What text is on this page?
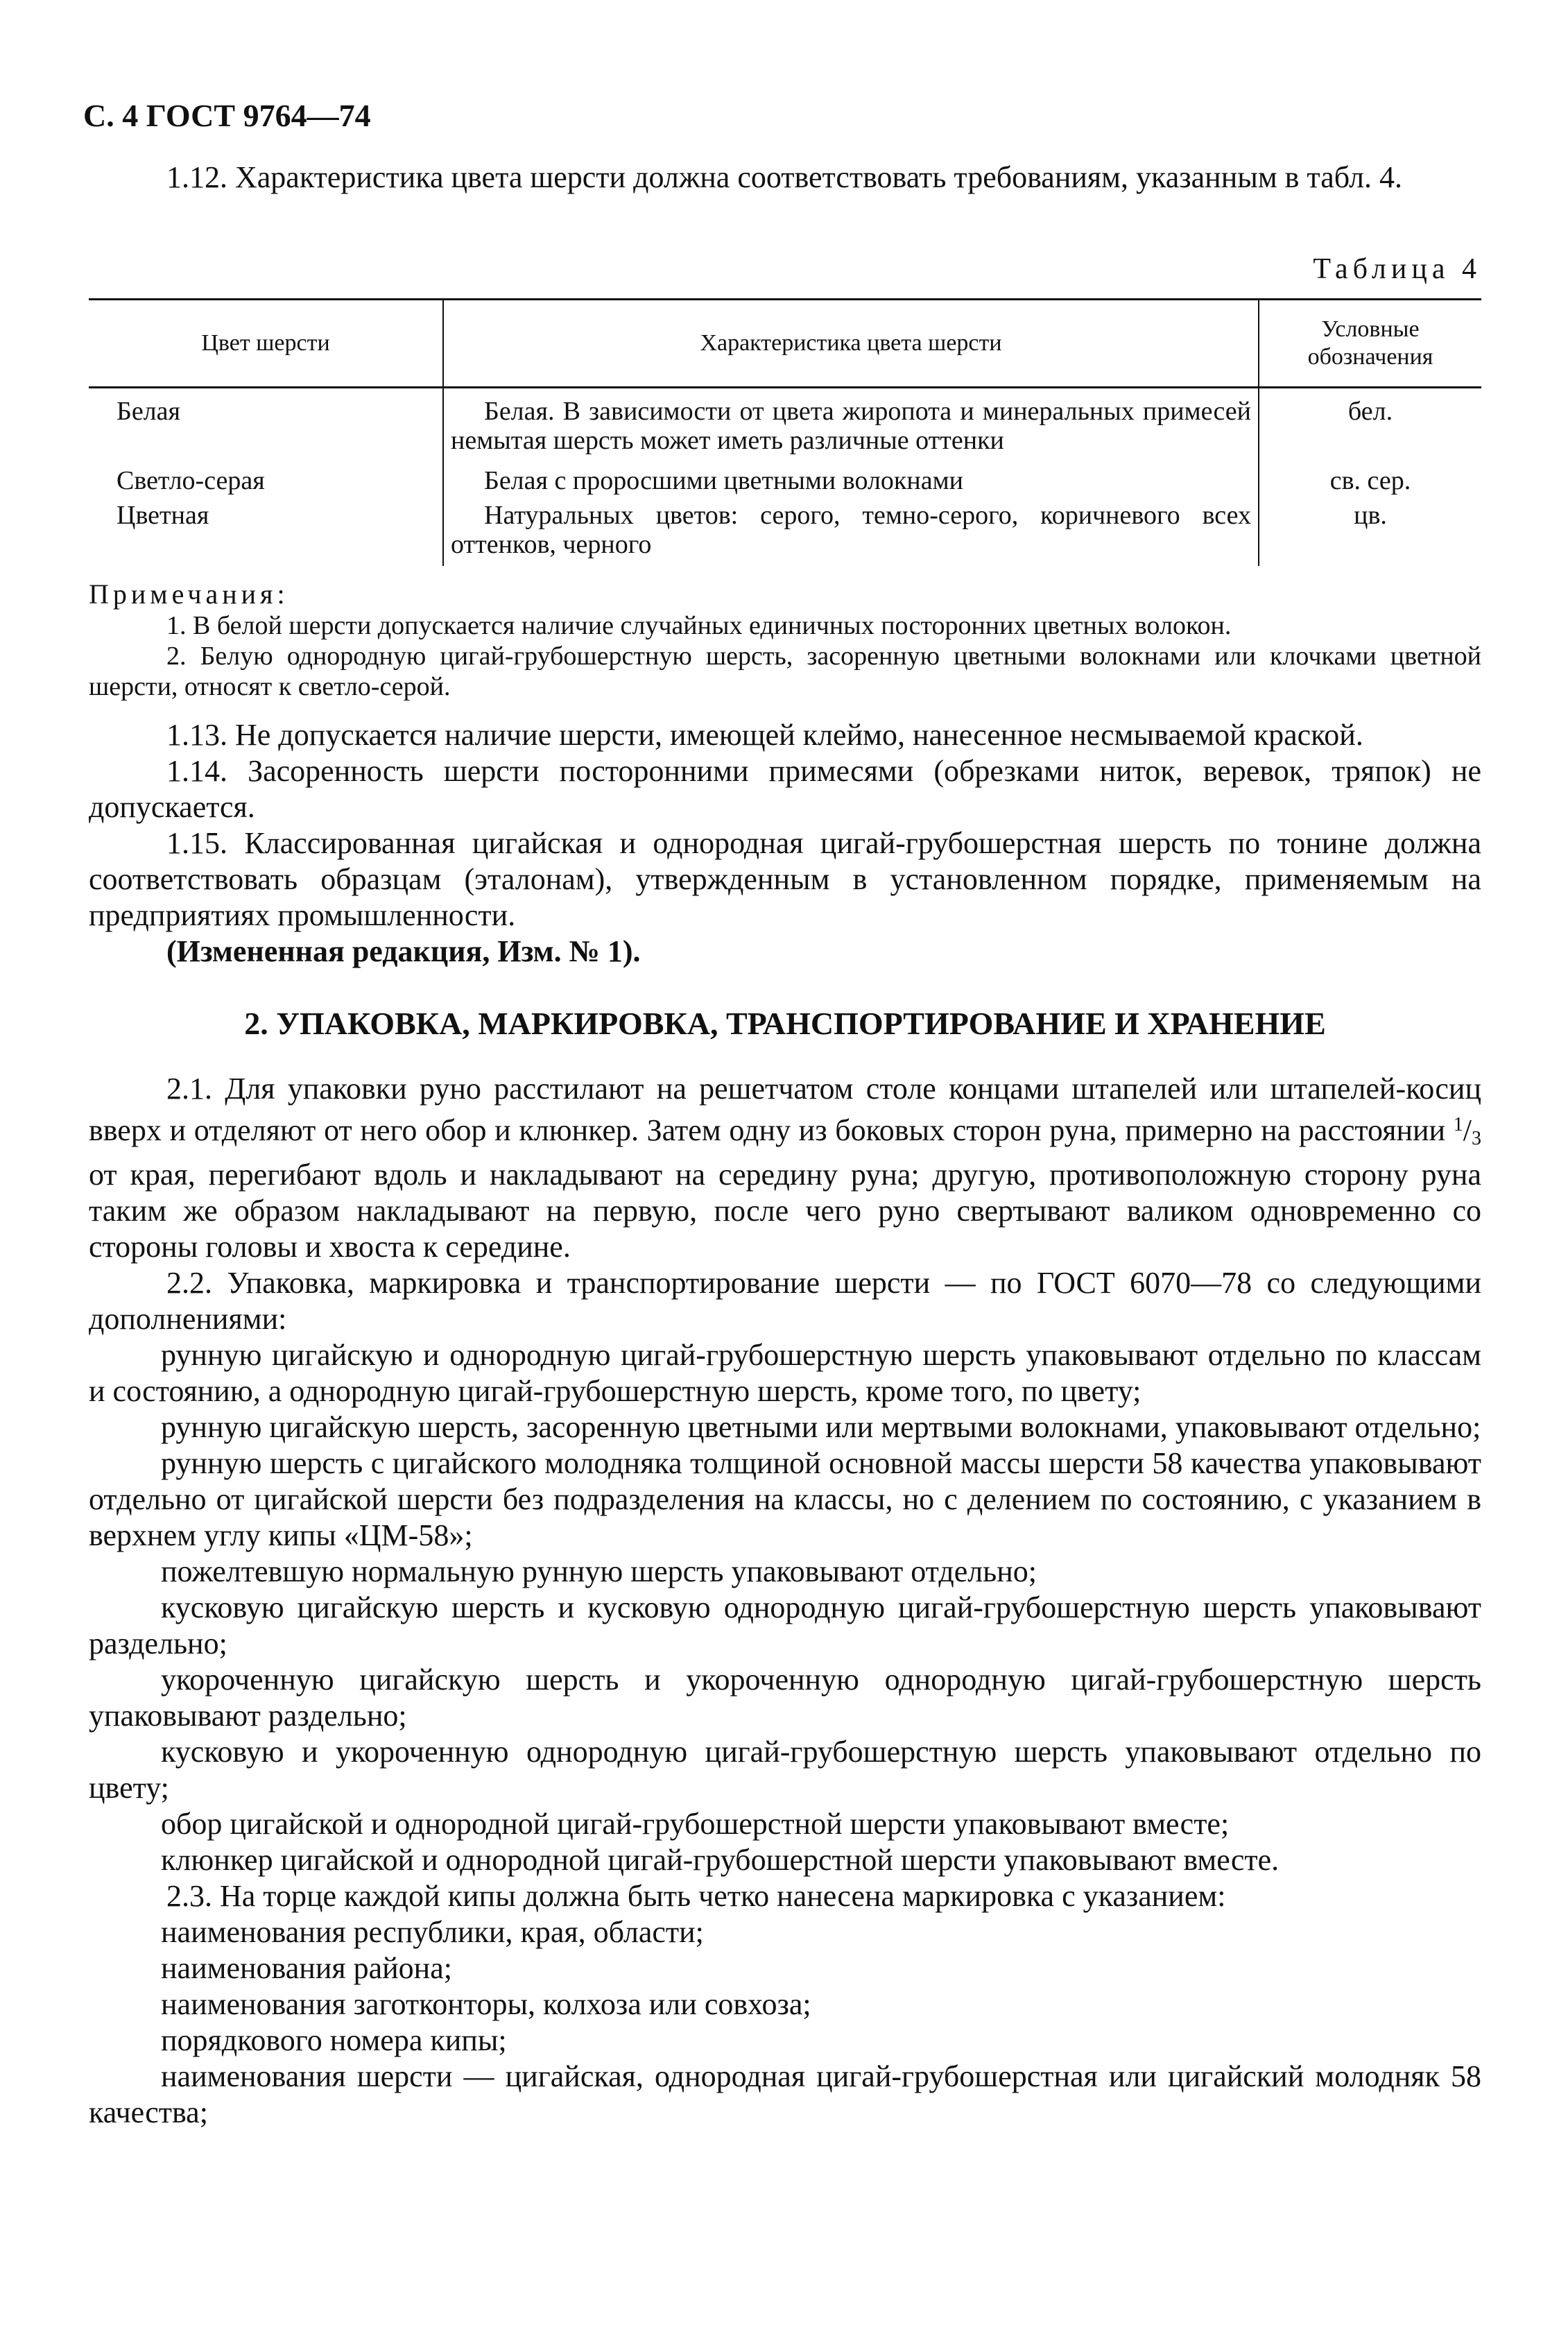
С. 4 ГОСТ 9764—74

1.12. Характеристика цвета шерсти должна соответствовать требованиям, указанным в табл. 4.

Таблица 4
Цвет шерсти	Характеристика цвета шерсти	Условные обозначения
Белая	Белая. В зависимости от цвета жиропота и минеральных примесей немытая шерсть может иметь различные оттенки	бел.
Светло-серая	Белая с проросшими цветными волокнами	св. сер.
Цветная	Натуральных цветов: серого, темно-серого, коричневого всех оттенков, черного	цв.
Примечания:

1. В белой шерсти допускается наличие случайных единичных посторонних цветных волокон.

2. Белую однородную цигай-грубошерстную шерсть, засоренную цветными волокнами или клочками цветной шерсти, относят к светло-серой.

1.13. Не допускается наличие шерсти, имеющей клеймо, нанесенное несмываемой краской.

1.14. Засоренность шерсти посторонними примесями (обрезками ниток, веревок, тряпок) не допускается.

1.15. Классированная цигайская и однородная цигай-грубошерстная шерсть по тонине должна соответствовать образцам (эталонам), утвержденным в установленном порядке, применяемым на предприятиях промышленности.

(Измененная редакция, Изм. № 1).

2. УПАКОВКА, МАРКИРОВКА, ТРАНСПОРТИРОВАНИЕ И ХРАНЕНИЕ

2.1. Для упаковки руно расстилают на решетчатом столе концами штапелей или штапелей-косиц вверх и отделяют от него обор и клюнкер. Затем одну из боковых сторон руна, примерно на расстоянии $^1/_3$ от края, перегибают вдоль и накладывают на середину руна; другую, противоположную сторону руна таким же образом накладывают на первую, после чего руно свертывают валиком одновременно со стороны головы и хвоста к середине.

2.2. Упаковка, маркировка и транспортирование шерсти — по ГОСТ 6070—78 со следующими дополнениями:

рунную цигайскую и однородную цигай-грубошерстную шерсть упаковывают отдельно по классам и состоянию, а однородную цигай-грубошерстную шерсть, кроме того, по цвету;

рунную цигайскую шерсть, засоренную цветными или мертвыми волокнами, упаковывают отдельно;

рунную шерсть с цигайского молодняка толщиной основной массы шерсти 58 качества упаковывают отдельно от цигайской шерсти без подразделения на классы, но с делением по состоянию, с указанием в верхнем углу кипы «ЦМ-58»;

пожелтевшую нормальную рунную шерсть упаковывают отдельно;

кусковую цигайскую шерсть и кусковую однородную цигай-грубошерстную шерсть упаковывают раздельно;

укороченную цигайскую шерсть и укороченную однородную цигай-грубошерстную шерсть упаковывают раздельно;

кусковую и укороченную однородную цигай-грубошерстную шерсть упаковывают отдельно по цвету;

обор цигайской и однородной цигай-грубошерстной шерсти упаковывают вместе;

клюнкер цигайской и однородной цигай-грубошерстной шерсти упаковывают вместе.

2.3. На торце каждой кипы должна быть четко нанесена маркировка с указанием:

наименования республики, края, области;

наименования района;

наименования заготконторы, колхоза или совхоза;

порядкового номера кипы;

наименования шерсти — цигайская, однородная цигай-грубошерстная или цигайский молодняк 58 качества;
